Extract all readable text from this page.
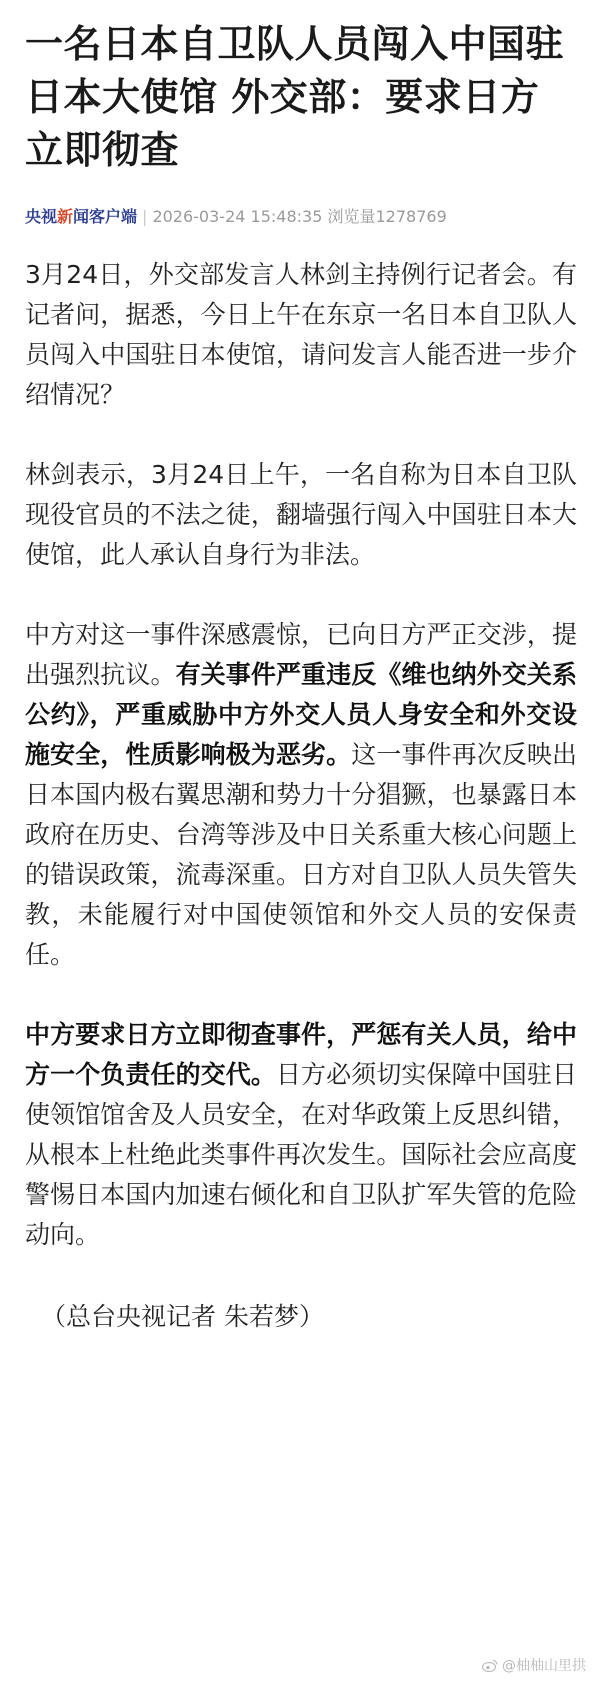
一名日本自卫队人员闯入中国驻日本大使馆 外交部：要求日方立即彻查
央视新闻客户端 | 2026-03-24 15:48:35 浏览量1278769

3月24日，外交部发言人林剑主持例行记者会。有记者问，据悉，今日上午在东京一名日本自卫队人员闯入中国驻日本使馆，请问发言人能否进一步介绍情况？

林剑表示，3月24日上午，一名自称为日本自卫队现役官员的不法之徒，翻墙强行闯入中国驻日本大使馆，此人承认自身行为非法。

中方对这一事件深感震惊，已向日方严正交涉，提出强烈抗议。有关事件严重违反《维也纳外交关系公约》，严重威胁中方外交人员人身安全和外交设施安全，性质影响极为恶劣。这一事件再次反映出日本国内极右翼思潮和势力十分猖獗，也暴露日本政府在历史、台湾等涉及中日关系重大核心问题上的错误政策，流毒深重。日方对自卫队人员失管失教，未能履行对中国使领馆和外交人员的安保责任。

中方要求日方立即彻查事件，严惩有关人员，给中方一个负责任的交代。日方必须切实保障中国驻日使领馆馆舍及人员安全，在对华政策上反思纠错，从根本上杜绝此类事件再次发生。国际社会应高度警惕日本国内加速右倾化和自卫队扩军失管的危险动向。

（总台央视记者 朱若梦）

@柚柚山里拱
